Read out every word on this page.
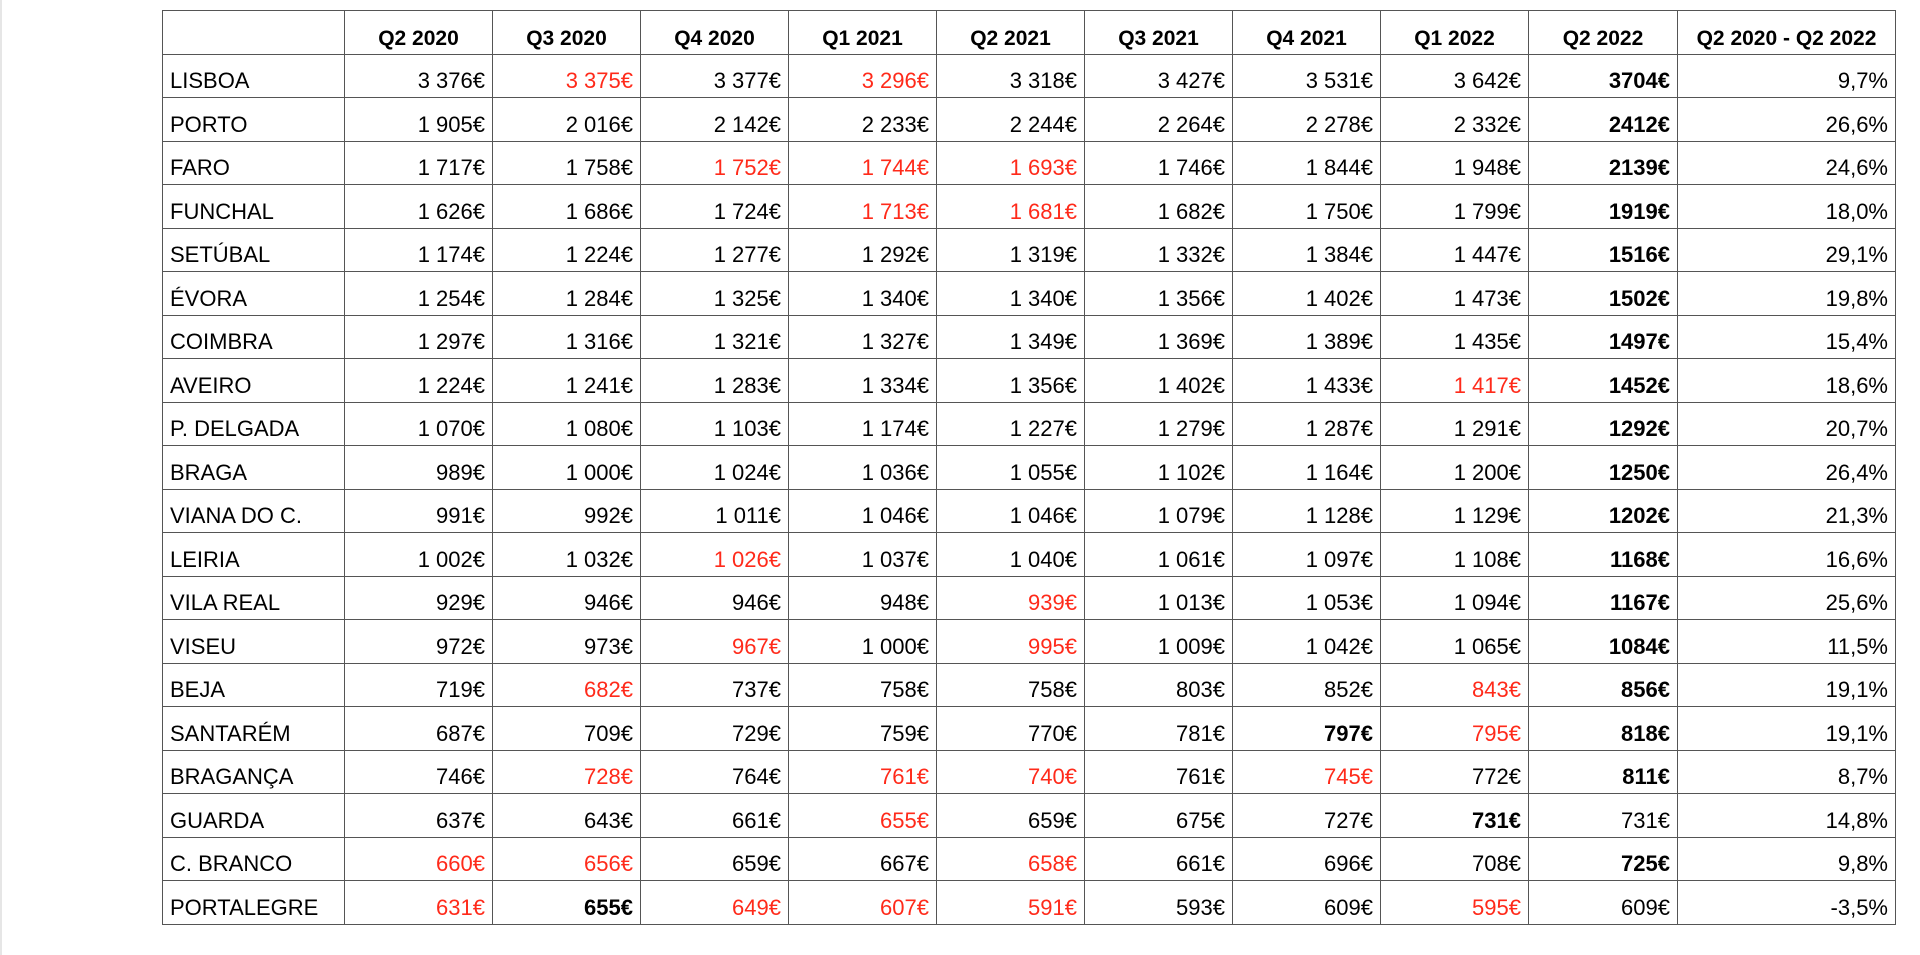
	Q2 2020	Q3 2020	Q4 2020	Q1 2021	Q2 2021	Q3 2021	Q4 2021	Q1 2022	Q2 2022	Q2 2020 - Q2 2022
LISBOA	3 376€	3 375€	3 377€	3 296€	3 318€	3 427€	3 531€	3 642€	3704€	9,7%
PORTO	1 905€	2 016€	2 142€	2 233€	2 244€	2 264€	2 278€	2 332€	2412€	26,6%
FARO	1 717€	1 758€	1 752€	1 744€	1 693€	1 746€	1 844€	1 948€	2139€	24,6%
FUNCHAL	1 626€	1 686€	1 724€	1 713€	1 681€	1 682€	1 750€	1 799€	1919€	18,0%
SETÚBAL	1 174€	1 224€	1 277€	1 292€	1 319€	1 332€	1 384€	1 447€	1516€	29,1%
ÉVORA	1 254€	1 284€	1 325€	1 340€	1 340€	1 356€	1 402€	1 473€	1502€	19,8%
COIMBRA	1 297€	1 316€	1 321€	1 327€	1 349€	1 369€	1 389€	1 435€	1497€	15,4%
AVEIRO	1 224€	1 241€	1 283€	1 334€	1 356€	1 402€	1 433€	1 417€	1452€	18,6%
P. DELGADA	1 070€	1 080€	1 103€	1 174€	1 227€	1 279€	1 287€	1 291€	1292€	20,7%
BRAGA	989€	1 000€	1 024€	1 036€	1 055€	1 102€	1 164€	1 200€	1250€	26,4%
VIANA DO C.	991€	992€	1 011€	1 046€	1 046€	1 079€	1 128€	1 129€	1202€	21,3%
LEIRIA	1 002€	1 032€	1 026€	1 037€	1 040€	1 061€	1 097€	1 108€	1168€	16,6%
VILA REAL	929€	946€	946€	948€	939€	1 013€	1 053€	1 094€	1167€	25,6%
VISEU	972€	973€	967€	1 000€	995€	1 009€	1 042€	1 065€	1084€	11,5%
BEJA	719€	682€	737€	758€	758€	803€	852€	843€	856€	19,1%
SANTARÉM	687€	709€	729€	759€	770€	781€	797€	795€	818€	19,1%
BRAGANÇA	746€	728€	764€	761€	740€	761€	745€	772€	811€	8,7%
GUARDA	637€	643€	661€	655€	659€	675€	727€	731€	731€	14,8%
C. BRANCO	660€	656€	659€	667€	658€	661€	696€	708€	725€	9,8%
PORTALEGRE	631€	655€	649€	607€	591€	593€	609€	595€	609€	-3,5%
